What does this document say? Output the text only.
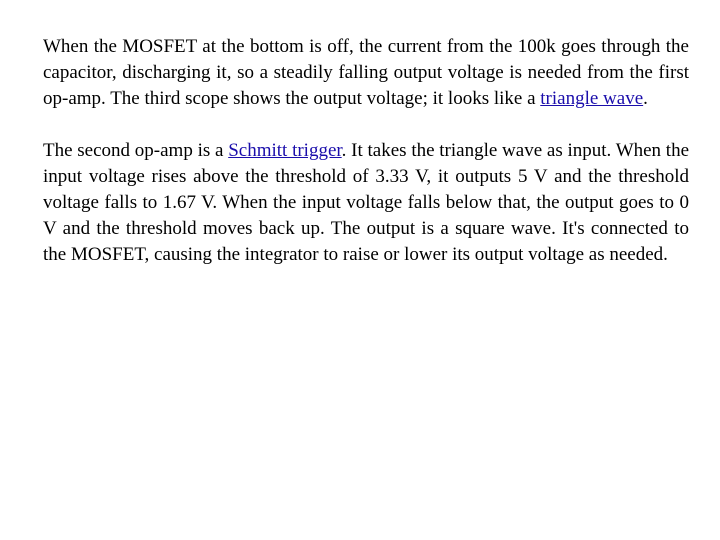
When the MOSFET at the bottom is off, the current from the 100k goes through the capacitor, discharging it, so a steadily falling output voltage is needed from the first op-amp. The third scope shows the output voltage; it looks like a triangle wave.

The second op-amp is a Schmitt trigger. It takes the triangle wave as input. When the input voltage rises above the threshold of 3.33 V, it outputs 5 V and the threshold voltage falls to 1.67 V. When the input voltage falls below that, the output goes to 0 V and the threshold moves back up. The output is a square wave. It's connected to the MOSFET, causing the integrator to raise or lower its output voltage as needed.
